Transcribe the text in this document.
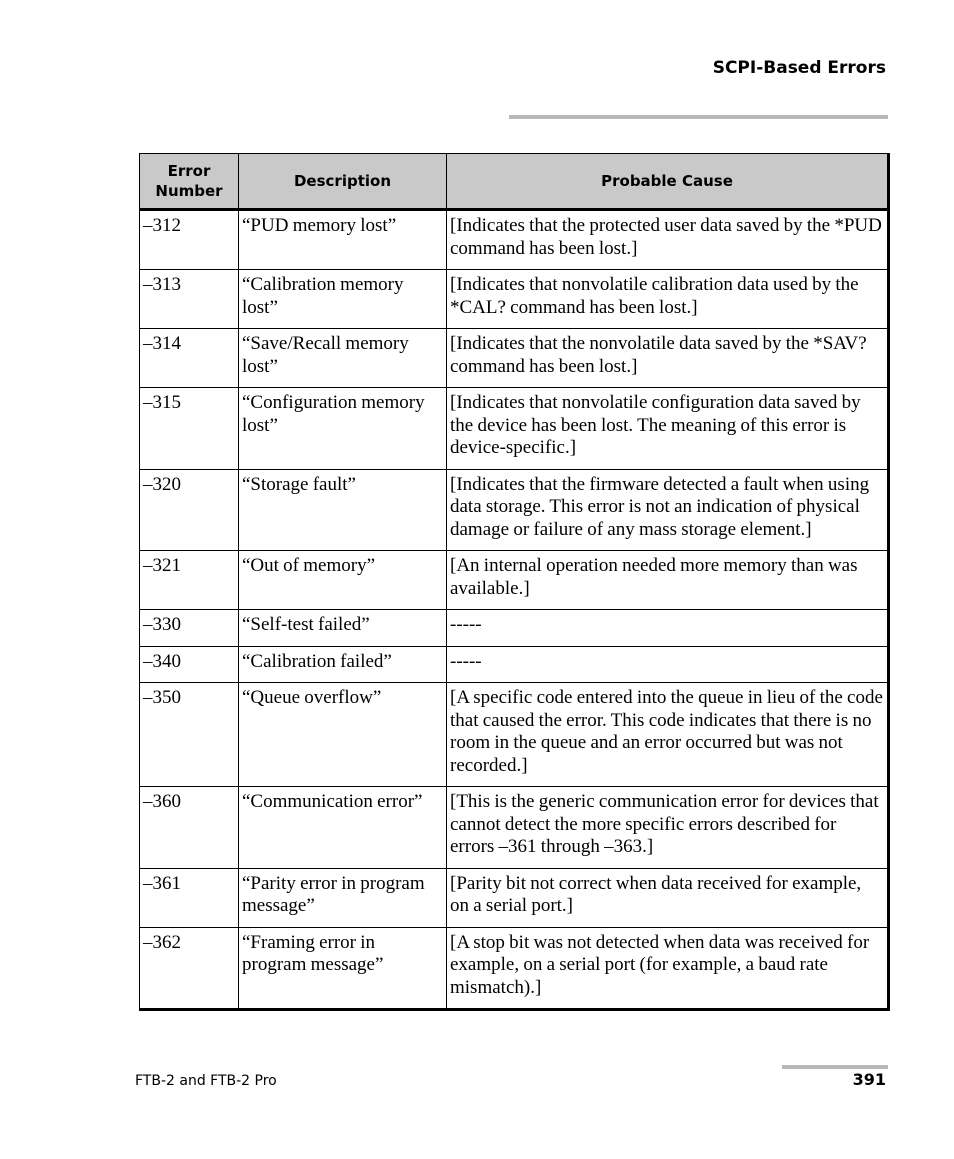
SCPI-Based Errors
Error Number	Description	Probable Cause
–312	“PUD memory lost”	[Indicates that the protected user data saved by the *PUD command has been lost.]
–313	“Calibration memory lost”	[Indicates that nonvolatile calibration data used by the *CAL? command has been lost.]
–314	“Save/Recall memory lost”	[Indicates that the nonvolatile data saved by the *SAV? command has been lost.]
–315	“Configuration memory lost”	[Indicates that nonvolatile configuration data saved by the device has been lost. The meaning of this error is device-specific.]
–320	“Storage fault”	[Indicates that the firmware detected a fault when using data storage. This error is not an indication of physical damage or failure of any mass storage element.]
–321	“Out of memory”	[An internal operation needed more memory than was available.]
–330	“Self-test failed”	-----
–340	“Calibration failed”	-----
–350	“Queue overflow”	[A specific code entered into the queue in lieu of the code that caused the error. This code indicates that there is no room in the queue and an error occurred but was not recorded.]
–360	“Communication error”	[This is the generic communication error for devices that cannot detect the more specific errors described for errors –361 through –363.]
–361	“Parity error in program message”	[Parity bit not correct when data received for example, on a serial port.]
–362	“Framing error in program message”	[A stop bit was not detected when data was received for example, on a serial port (for example, a baud rate mismatch).]
FTB-2 and FTB-2 Pro	391
